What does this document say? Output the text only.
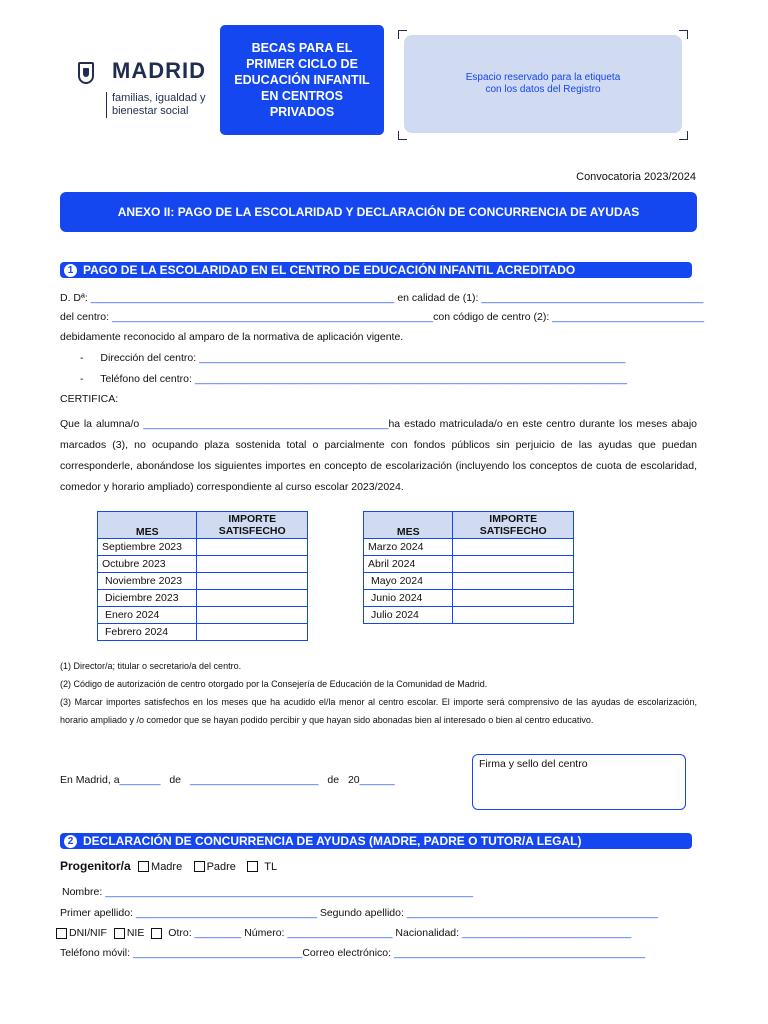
MADRID
familias, igualdad y
bienestar social
BECAS PARA EL PRIMER CICLO DE EDUCACIÓN INFANTIL EN CENTROS PRIVADOS
Espacio reservado para la etiqueta
con los datos del Registro
Convocatoria 2023/2024
ANEXO II: PAGO DE LA ESCOLARIDAD Y DECLARACIÓN DE CONCURRENCIA DE AYUDAS
1 PAGO DE LA ESCOLARIDAD EN EL CENTRO DE EDUCACIÓN INFANTIL ACREDITADO
D. Dª: ____________________________________________________ en calidad de (1): ______________________________________
del centro: _______________________________________________________con código de centro (2): __________________________
debidamente reconocido al amparo de la normativa de aplicación vigente.
- Dirección del centro: _________________________________________________________________________
- Teléfono del centro: __________________________________________________________________________
CERTIFICA:
Que la alumna/o __________________________________________ha estado matriculada/o en este centro durante los meses abajo marcados (3), no ocupando plaza sostenida total o parcialmente con fondos públicos sin perjuicio de las ayudas que puedan corresponderle, abonándose los siguientes importes en concepto de escolarización (incluyendo los conceptos de cuota de escolaridad, comedor y horario ampliado) correspondiente al curso escolar 2023/2024.
MES	IMPORTE SATISFECHO
Septiembre 2023	
Octubre 2023	
Noviembre 2023	
Diciembre 2023	
Enero 2024	
Febrero 2024	
MES	IMPORTE SATISFECHO
Marzo 2024	
Abril 2024	
Mayo 2024	
Junio 2024	
Julio 2024	
(1) Director/a; titular o secretario/a del centro.
(2) Código de autorización de centro otorgado por la Consejería de Educación de la Comunidad de Madrid.
(3) Marcar importes satisfechos en los meses que ha acudido el/la menor al centro escolar. El importe será comprensivo de las ayudas de escolarización, horario ampliado y /o comedor que se hayan podido percibir y que hayan sido abonadas bien al interesado o bien al centro educativo.
En Madrid, a_______ de ______________________ de 20______
Firma y sello del centro
2 DECLARACIÓN DE CONCURRENCIA DE AYUDAS (MADRE, PADRE O TUTOR/A LEGAL)
Progenitor/a Madre Padre	TL
Nombre: _______________________________________________________________
Primer apellido: _______________________________ Segundo apellido: ___________________________________________
DNI/NIF NIE Otro: ________ Número: __________________ Nacionalidad: _____________________________
Teléfono móvil: _____________________________Correo electrónico: ___________________________________________
